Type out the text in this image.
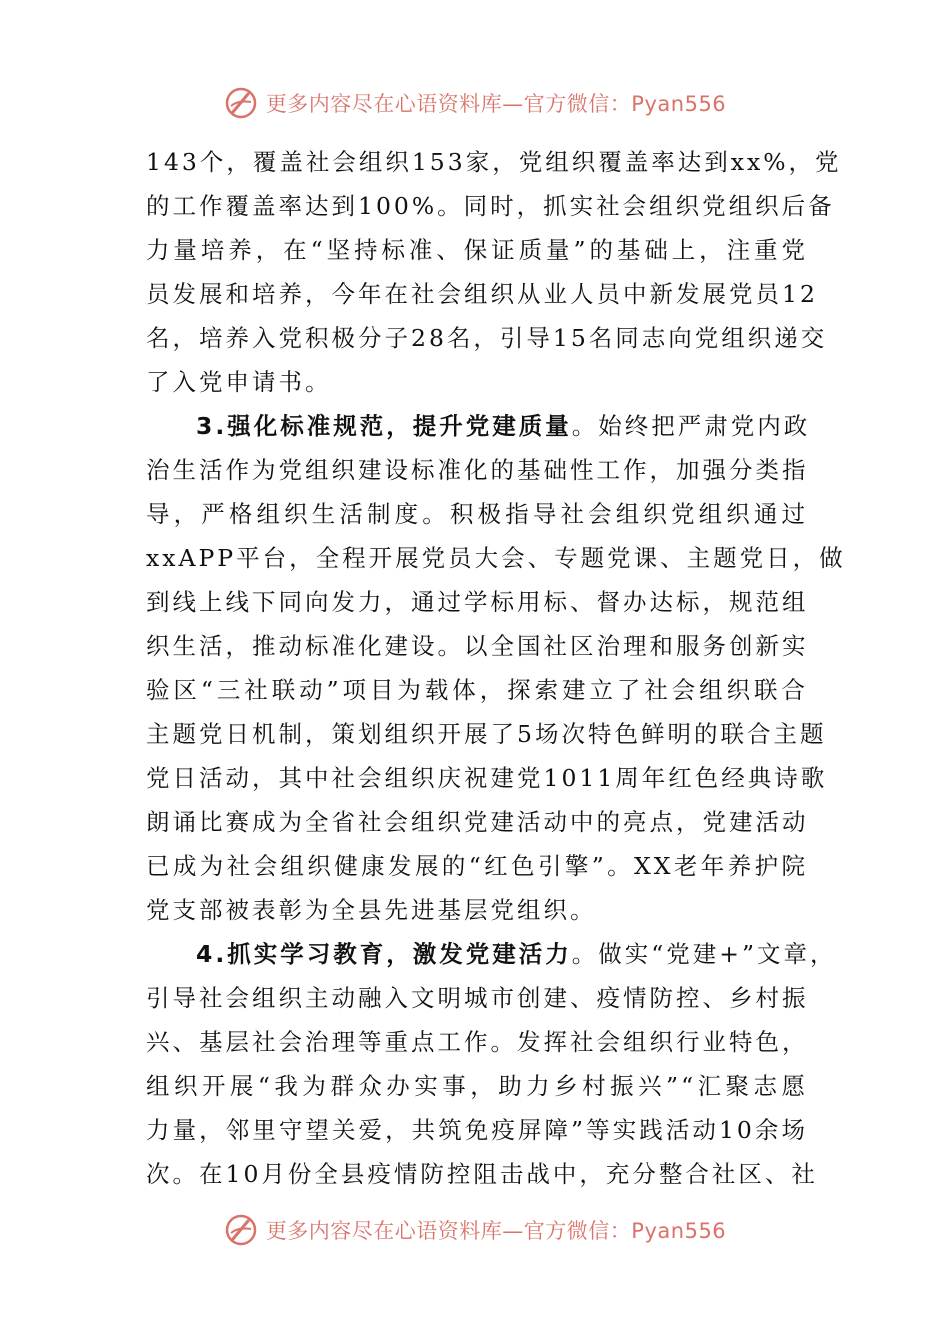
更多内容尽在心语资料库—官方微信：Pyan556
143个，覆盖社会组织153家，党组织覆盖率达到xx%，党
的工作覆盖率达到100%。同时，抓实社会组织党组织后备
力量培养，在“坚持标准、保证质量”的基础上，注重党
员发展和培养，今年在社会组织从业人员中新发展党员12
名，培养入党积极分子28名，引导15名同志向党组织递交
了入党申请书。
3.强化标准规范，提升党建质量。始终把严肃党内政
治生活作为党组织建设标准化的基础性工作，加强分类指
导，严格组织生活制度。积极指导社会组织党组织通过
xxAPP平台，全程开展党员大会、专题党课、主题党日，做
到线上线下同向发力，通过学标用标、督办达标，规范组
织生活，推动标准化建设。以全国社区治理和服务创新实
验区“三社联动”项目为载体，探索建立了社会组织联合
主题党日机制，策划组织开展了5场次特色鲜明的联合主题
党日活动，其中社会组织庆祝建党1011周年红色经典诗歌
朗诵比赛成为全省社会组织党建活动中的亮点，党建活动
已成为社会组织健康发展的“红色引擎”。XX老年养护院
党支部被表彰为全县先进基层党组织。
4.抓实学习教育，激发党建活力。做实“党建+”文章，
引导社会组织主动融入文明城市创建、疫情防控、乡村振
兴、基层社会治理等重点工作。发挥社会组织行业特色，
组织开展“我为群众办实事，助力乡村振兴”“汇聚志愿
力量，邻里守望关爱，共筑免疫屏障”等实践活动10余场
次。在10月份全县疫情防控阻击战中，充分整合社区、社
更多内容尽在心语资料库—官方微信：Pyan556
